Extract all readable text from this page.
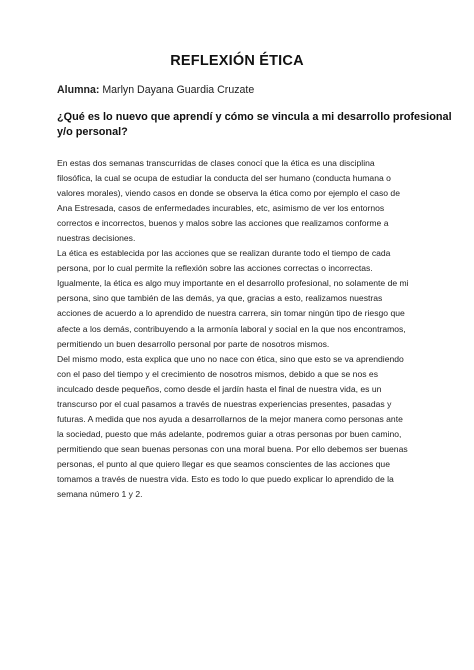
REFLEXIÓN ÉTICA
Alumna: Marlyn Dayana Guardia Cruzate
¿Qué es lo nuevo que aprendí y cómo se vincula a mi desarrollo profesional
y/o personal?
En estas dos semanas transcurridas de clases conocí que la ética es una disciplina
filosófica, la cual se ocupa de estudiar la conducta del ser humano (conducta humana o
valores morales), viendo casos en donde se observa la ética como por ejemplo el caso de
Ana Estresada, casos de enfermedades incurables, etc, asimismo de ver los entornos
correctos e incorrectos, buenos y malos sobre las acciones que realizamos conforme a
nuestras decisiones.
La ética es establecida por las acciones que se realizan durante todo el tiempo de cada
persona, por lo cual permite la reflexión sobre las acciones correctas o incorrectas.
Igualmente, la ética es algo muy importante en el desarrollo profesional, no solamente de mi
persona, sino que también de las demás, ya que, gracias a esto, realizamos nuestras
acciones de acuerdo a lo aprendido de nuestra carrera, sin tomar ningún tipo de riesgo que
afecte a los demás, contribuyendo a la armonía laboral y social en la que nos encontramos,
permitiendo un buen desarrollo personal por parte de nosotros mismos.
Del mismo modo, esta explica que uno no nace con ética, sino que esto se va aprendiendo
con el paso del tiempo y el crecimiento de nosotros mismos, debido a que se nos es
inculcado desde pequeños, como desde el jardín hasta el final de nuestra vida, es un
transcurso por el cual pasamos a través de nuestras experiencias presentes, pasadas y
futuras. A medida que nos ayuda a desarrollarnos de la mejor manera como personas ante
la sociedad, puesto que más adelante, podremos guiar a otras personas por buen camino,
permitiendo que sean buenas personas con una moral buena. Por ello debemos ser buenas
personas, el punto al que quiero llegar es que seamos conscientes de las acciones que
tomamos a través de nuestra vida. Esto es todo lo que puedo explicar lo aprendido de la
semana número 1 y 2.
